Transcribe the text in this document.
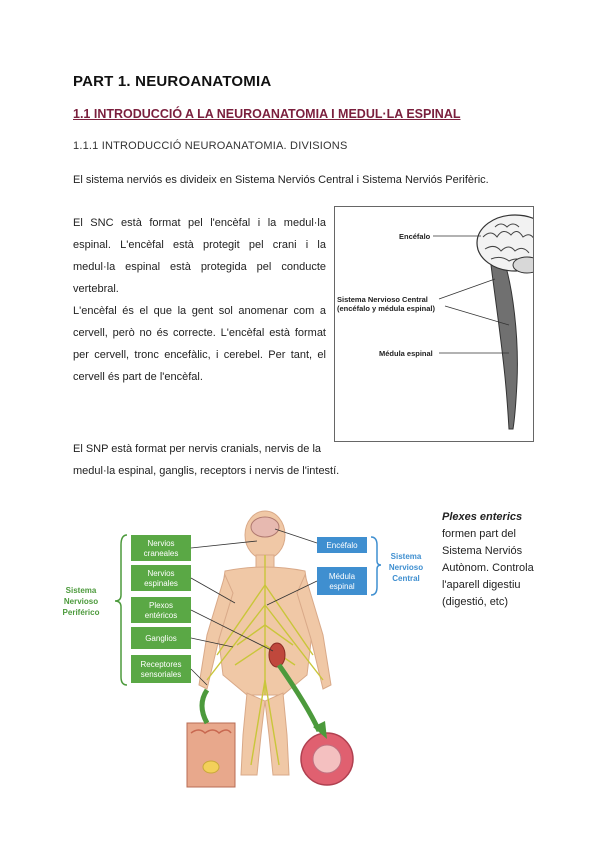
PART 1. NEUROANATOMIA
1.1 INTRODUCCIÓ A LA NEUROANATOMIA I MEDUL·LA ESPINAL
1.1.1 INTRODUCCIÓ NEUROANATOMIA. DIVISIONS
El sistema nerviós es divideix en Sistema Nerviós Central i Sistema Nerviós Perifèric.
El SNC està format pel l'encèfal i la medul·la espinal. L'encèfal està protegit pel crani i la medul·la espinal està protegida pel conducte vertebral.
L'encèfal és el que la gent sol anomenar com a cervell, però no és correcte. L'encèfal està format per cervell, tronc encefàlic, i cerebel. Per tant, el cervell és part de l'encèfal.
El SNP està format per nervis cranials, nervis de la medul·la espinal, ganglis, receptors i nervis de l'intestí.
Encéfalo
Sistema Nervioso Central
(encéfalo y médula espinal)
Médula espinal
Sistema
Nervioso
Periférico
Nervios
craneales
Nervios
espinales
Plexos
entéricos
Ganglios
Receptores
sensoriales
Encéfalo
Médula
espinal
Sistema
Nervioso
Central
Plexes enterics formen part del Sistema Nerviós Autònom. Controla l'aparell digestiu (digestió, etc)
